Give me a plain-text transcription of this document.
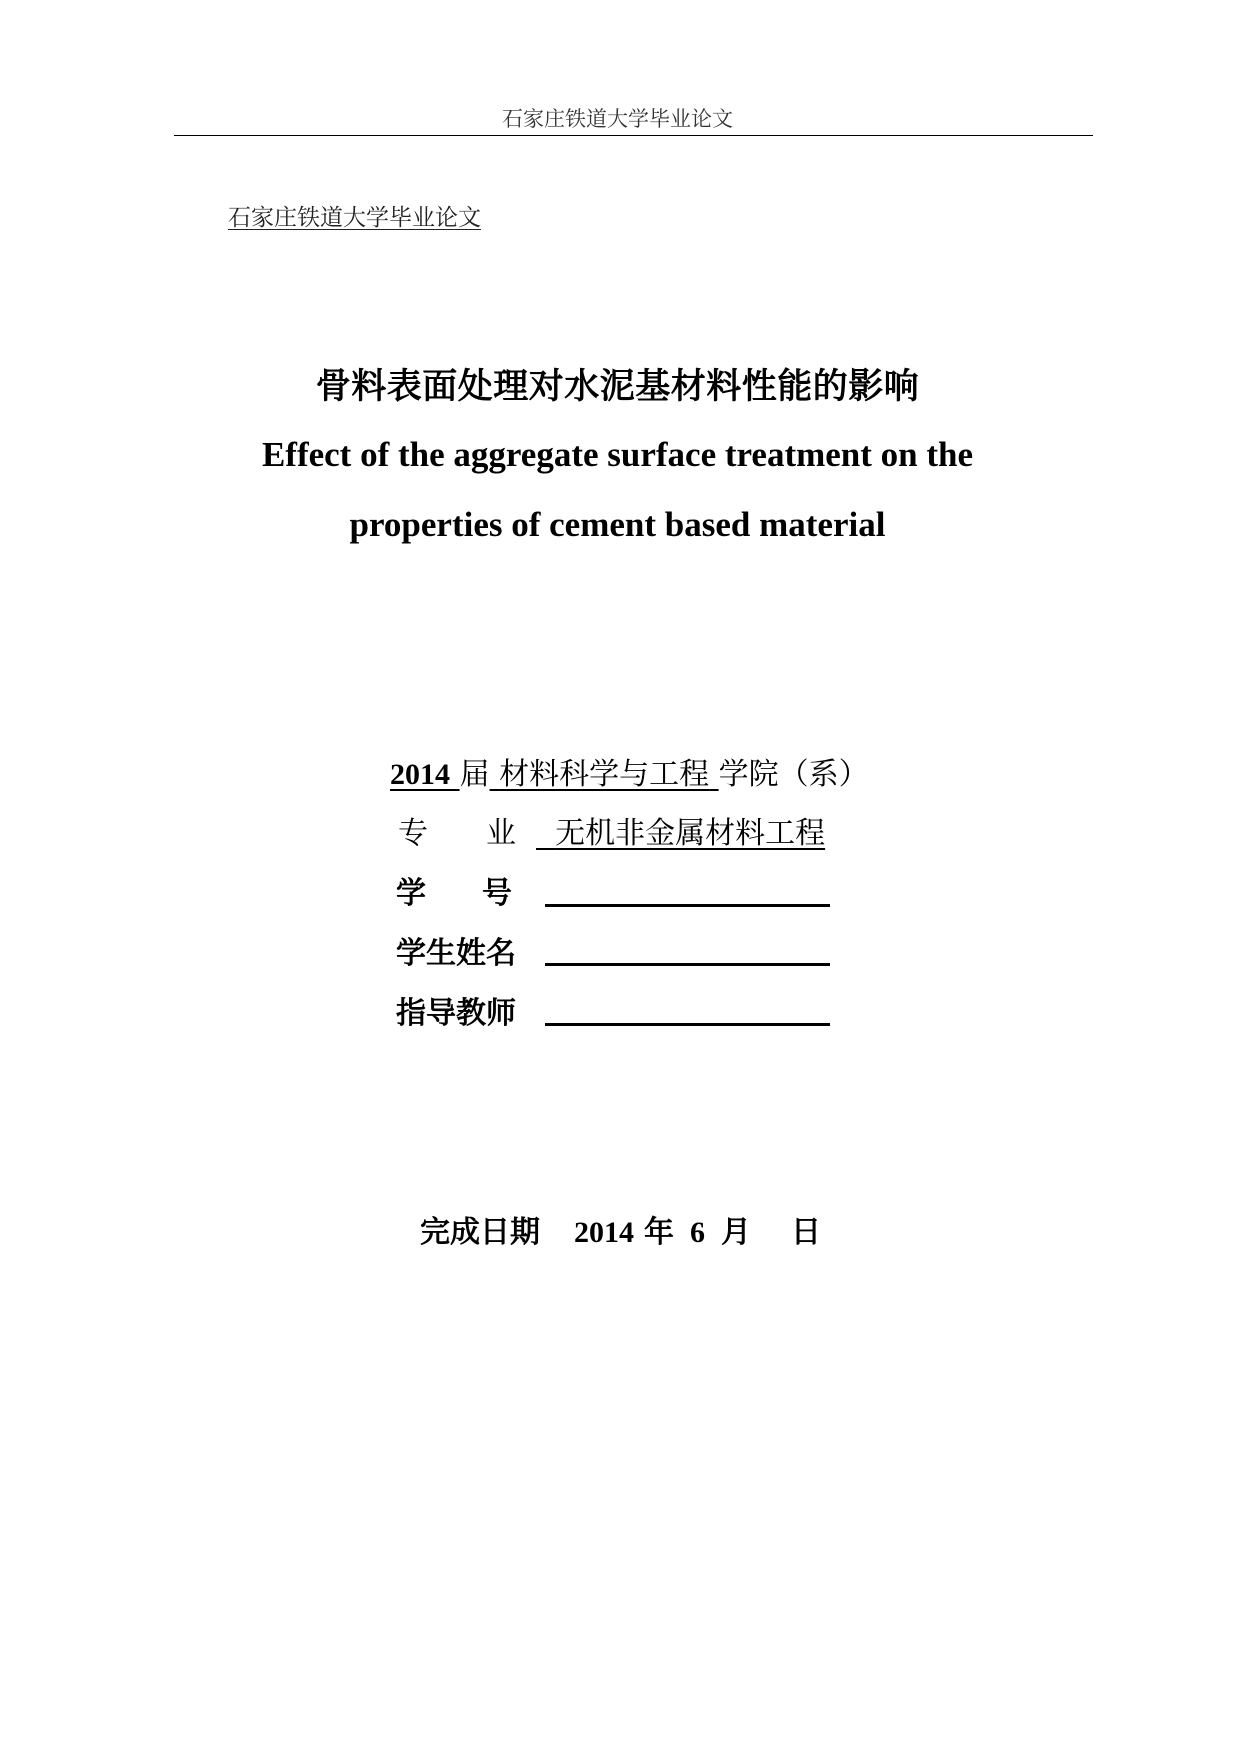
石家庄铁道大学毕业论文
石家庄铁道大学毕业论文
骨料表面处理对水泥基材料性能的影响
Effect of the aggregate surface treatment on the
properties of cement based material
2014 届 材料科学与工程 学院（系）
专 业 无机非金属材料工程
学号
学生姓名
指导教师
完成日期 2014 年 6 月 日
